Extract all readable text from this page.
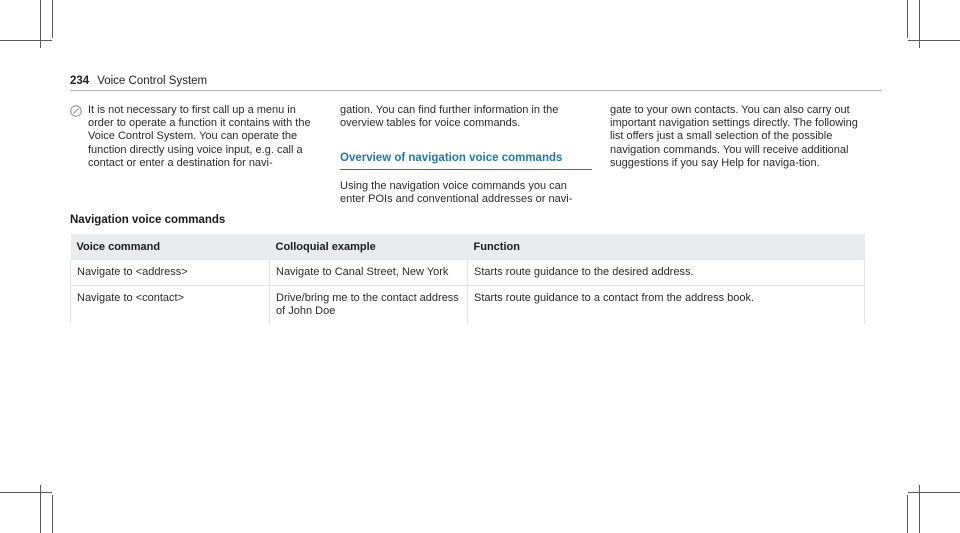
234 Voice Control System
It is not necessary to first call up a menu in order to operate a function it contains with the Voice Control System. You can operate the function directly using voice input, e.g. call a contact or enter a destination for navi-
gation. You can find further information in the overview tables for voice commands.
Overview of navigation voice commands
Using the navigation voice commands you can enter POIs and conventional addresses or navi-
gate to your own contacts. You can also carry out important navigation settings directly. The following list offers just a small selection of the possible navigation commands. You will receive additional suggestions if you say Help for naviga-tion.
Navigation voice commands
Voice command	Colloquial example	Function
Navigate to <address>	Navigate to Canal Street, New York	Starts route guidance to the desired address.
Navigate to <contact>	Drive/bring me to the contact address of John Doe	Starts route guidance to a contact from the address book.
